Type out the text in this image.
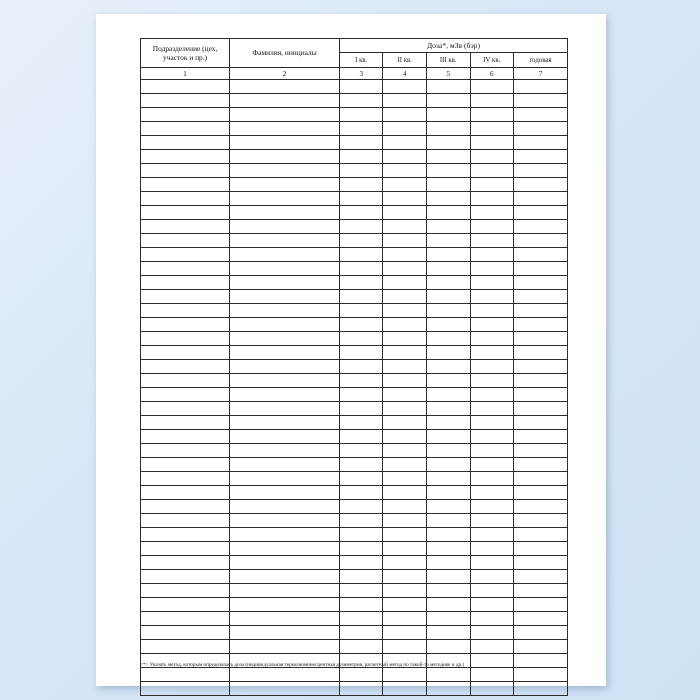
Подразделение (цех, участок и пр.)	Фамилия, инициалы	Доза*, мЗв (бэр)				
		I кв.	II кв.	III кв.	IV кв.	годовая
1	2	3	4	5	6	7

<*> Указать метод, которым определялась доза (индивидуальная термолюминесцентная дозиметрия, расчетный метод по такой-то методике и др.)
